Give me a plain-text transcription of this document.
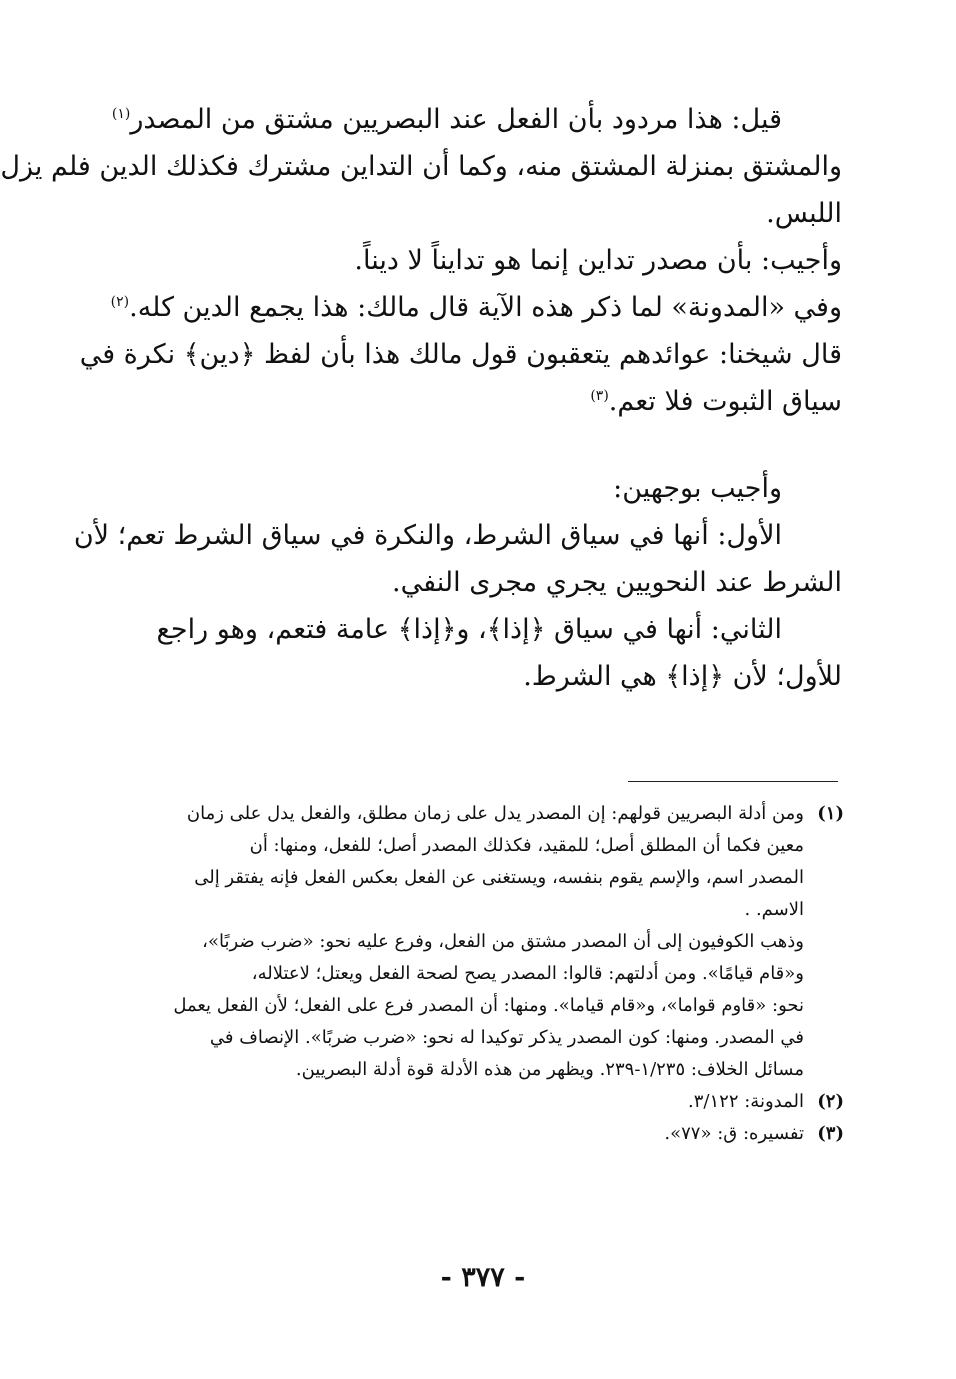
قيل: هذا مردود بأن الفعل عند البصريين مشتق من المصدر$^{(١)}$
والمشتق بمنزلة المشتق منه، وكما أن التداين مشترك فكذلك الدين فلم يزل
اللبس.
وأجيب: بأن مصدر تداين إنما هو تدايناً لا ديناً.
وفي «المدونة» لما ذكر هذه الآية قال مالك: هذا يجمع الدين كله.$^{(٢)}$
قال شيخنا: عوائدهم يتعقبون قول مالك هذا بأن لفظ ﴿دين﴾ نكرة في
سياق الثبوت فلا تعم.$^{(٣)}$
وأجيب بوجهين:
الأول: أنها في سياق الشرط، والنكرة في سياق الشرط تعم؛ لأن
الشرط عند النحويين يجري مجرى النفي.
الثاني: أنها في سياق ﴿إذا﴾، و﴿إذا﴾ عامة فتعم، وهو راجع
للأول؛ لأن ﴿إذا﴾ هي الشرط.
(١)
ومن أدلة البصريين قولهم: إن المصدر يدل على زمان مطلق، والفعل يدل على زمان
معين فكما أن المطلق أصل؛ للمقيد، فكذلك المصدر أصل؛ للفعل، ومنها: أن
المصدر اسم، والإسم يقوم بنفسه، ويستغنى عن الفعل بعكس الفعل فإنه يفتقر إلى
الاسم. .
وذهب الكوفيون إلى أن المصدر مشتق من الفعل، وفرع عليه نحو: «ضرب ضربًا»،
و«قام قيامًا». ومن أدلتهم: قالوا: المصدر يصح لصحة الفعل ويعتل؛ لاعتلاله،
نحو: «قاوم قواما»، و«قام قياما». ومنها: أن المصدر فرع على الفعل؛ لأن الفعل يعمل
في المصدر. ومنها: كون المصدر يذكر توكيدا له نحو: «ضرب ضربًا». الإنصاف في
مسائل الخلاف: ١/٢٣٥-٢٣٩. ويظهر من هذه الأدلة قوة أدلة البصريين.
(٢)
المدونة: ٣/١٢٢.
(٣)
تفسيره: ق: «٧٧».
- ٣٧٧ -
